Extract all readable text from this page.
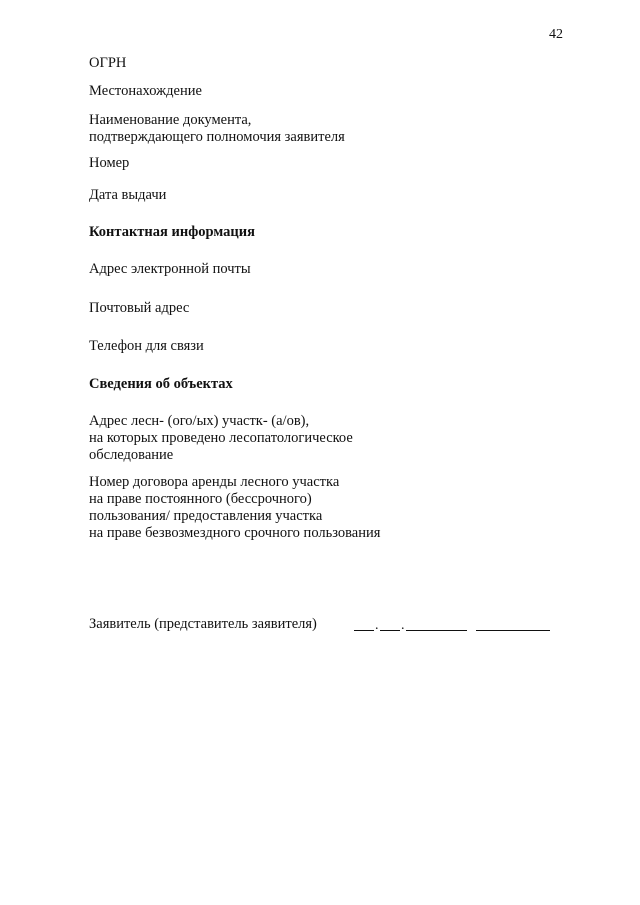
42
ОГРН
Местонахождение
Наименование документа,
подтверждающего полномочия заявителя
Номер
Дата выдачи
Контактная информация
Адрес электронной почты
Почтовый адрес
Телефон для связи
Сведения об объектах
Адрес лесн- (ого/ых) участк- (а/ов),
на которых проведено лесопатологическое
обследование
Номер договора аренды лесного участка
на праве постоянного (бессрочного)
пользования/ предоставления участка
на праве безвозмездного срочного пользования
Заявитель (представитель заявителя)	. .
